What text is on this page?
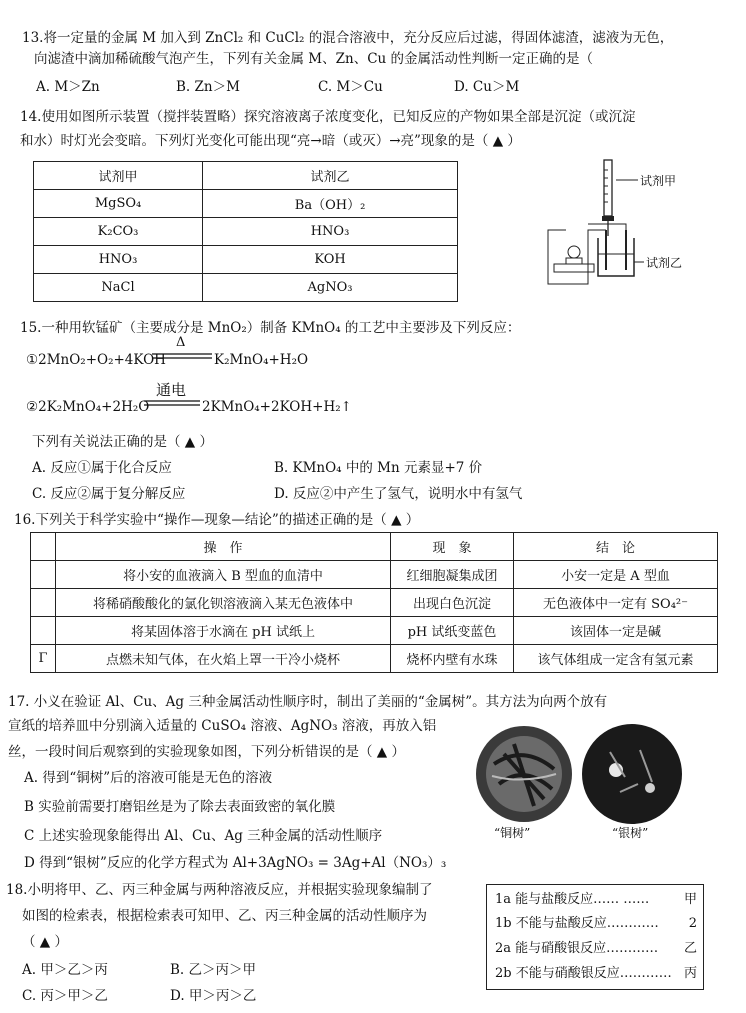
13.将一定量的金属 M 加入到 ZnCl₂ 和 CuCl₂ 的混合溶液中，充分反应后过滤，得固体滤渣，滤液为无色，
向滤渣中滴加稀硫酸气泡产生，下列有关金属 M、Zn、Cu 的金属活动性判断一定正确的是（
A. M＞Zn	B. Zn＞M	C. M＞Cu	D. Cu＞M
14.使用如图所示装置（搅拌装置略）探究溶液离子浓度变化，已知反应的产物如果全部是沉淀（或沉淀
和水）时灯光会变暗。下列灯光变化可能出现“亮→暗（或灭）→亮”现象的是（ ▲ ）
试剂甲	试剂乙
MgSO₄	Ba（OH）₂
K₂CO₃	HNO₃
HNO₃	KOH
NaCl	AgNO₃
试剂甲
试剂乙
15.一种用软锰矿（主要成分是 MnO₂）制备 KMnO₄ 的工艺中主要涉及下列反应：
①2MnO₂+O₂+4KOH
Δ
K₂MnO₄+H₂O
②2K₂MnO₄+2H₂O
通电
2KMnO₄+2KOH+H₂↑
下列有关说法正确的是（ ▲ ）
A. 反应①属于化合反应	B. KMnO₄ 中的 Mn 元素显+7 价
C. 反应②属于复分解反应	D. 反应②中产生了氢气，说明水中有氢气
16.下列关于科学实验中“操作—现象—结论”的描述正确的是（ ▲ ）
	操　作	现　象	结　论
	将小安的血液滴入 B 型血的血清中	红细胞凝集成团	小安一定是 A 型血
	将稀硝酸酸化的氯化钡溶液滴入某无色液体中	出现白色沉淀	无色液体中一定有 SO₄²⁻
	将某固体溶于水滴在 pH 试纸上	pH 试纸变蓝色	该固体一定是碱
Γ	点燃未知气体，在火焰上罩一干冷小烧杯	烧杯内壁有水珠	该气体组成一定含有氢元素
17. 小义在验证 Al、Cu、Ag 三种金属活动性顺序时，制出了美丽的“金属树”。其方法为向两个放有
宣纸的培养皿中分别滴入适量的 CuSO₄ 溶液、AgNO₃ 溶液，再放入铝
丝，一段时间后观察到的实验现象如图，下列分析错误的是（ ▲ ）
A. 得到“铜树”后的溶液可能是无色的溶液
B 实验前需要打磨铝丝是为了除去表面致密的氧化膜
C 上述实验现象能得出 Al、Cu、Ag 三种金属的活动性顺序
D 得到“银树”反应的化学方程式为 Al+3AgNO₃ = 3Ag+Al（NO₃）₃
“铜树”	“银树”
18.小明将甲、乙、丙三种金属与两种溶液反应，并根据实验现象编制了
如图的检索表，根据检索表可知甲、乙、丙三种金属的活动性顺序为
（ ▲ ）
A. 甲＞乙＞丙	B. 乙＞丙＞甲
C. 丙＞甲＞乙	D. 甲＞丙＞乙
1a 能与盐酸反应…… ……	甲
1b 不能与盐酸反应………… 2
2a 能与硝酸银反应………… 乙
2b 不能与硝酸银反应………… 丙
